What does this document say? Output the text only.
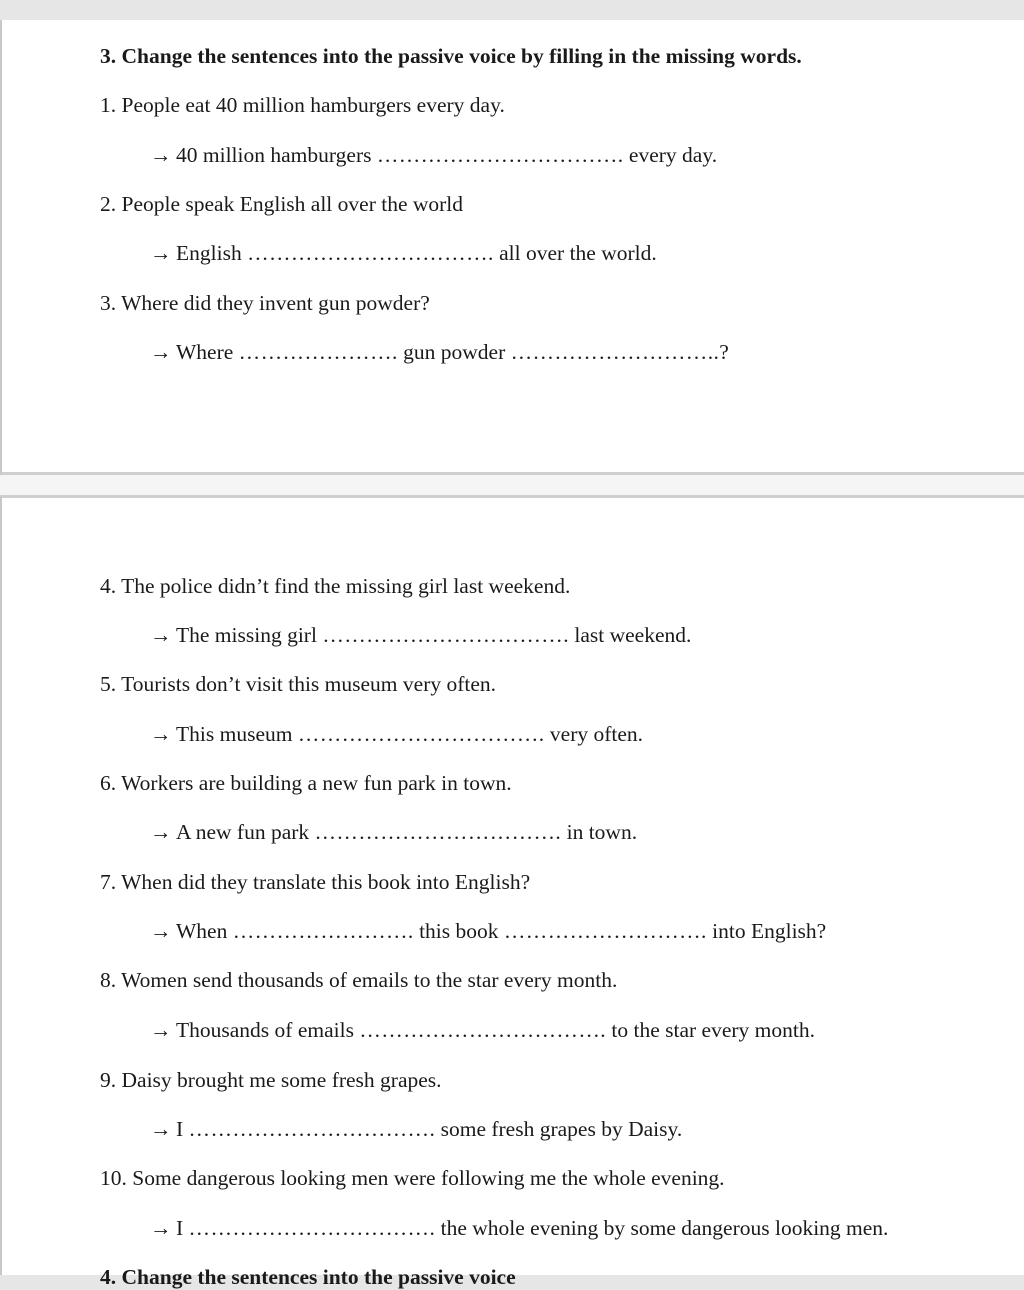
3. Change the sentences into the passive voice by filling in the missing words.
1. People eat 40 million hamburgers every day.
→ 40 million hamburgers ……………………………. every day.
2. People speak English all over the world
→ English ……………………………. all over the world.
3. Where did they invent gun powder?
→ Where …………………. gun powder ………………………..?
4. The police didn’t find the missing girl last weekend.
→ The missing girl ……………………………. last weekend.
5. Tourists don’t visit this museum very often.
→ This museum ……………………………. very often.
6. Workers are building a new fun park in town.
→ A new fun park ……………………………. in town.
7. When did they translate this book into English?
→ When ……………………. this book ………………………. into English?
8. Women send thousands of emails to the star every month.
→ Thousands of emails ……………………………. to the star every month.
9. Daisy brought me some fresh grapes.
→ I ……………………………. some fresh grapes by Daisy.
10. Some dangerous looking men were following me the whole evening.
→ I ……………………………. the whole evening by some dangerous looking men.
4. Change the sentences into the passive voice
